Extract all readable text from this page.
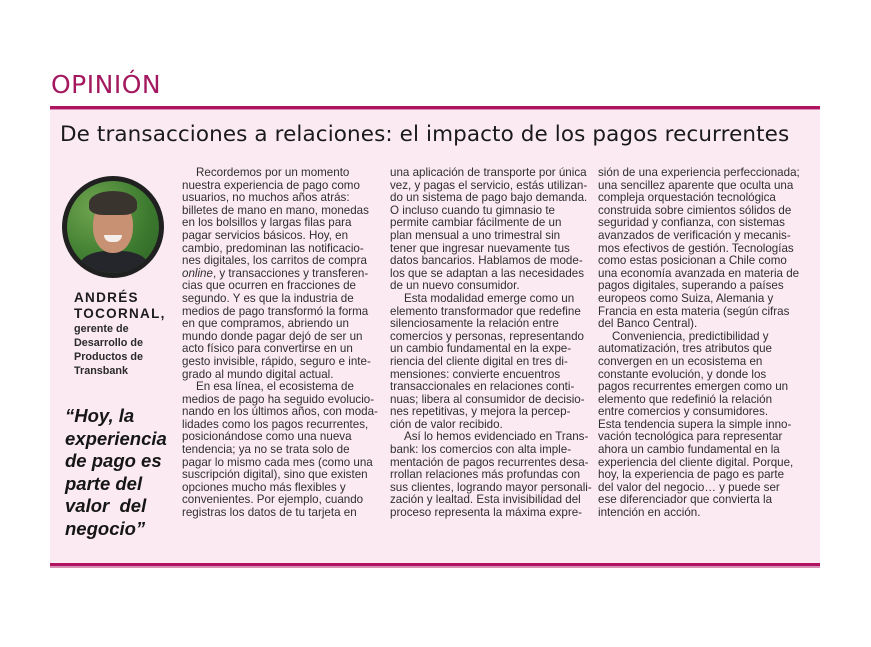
OPINIÓN
De transacciones a relaciones: el impacto de los pagos recurrentes
ANDRÉS
TOCORNAL,
gerente de
Desarrollo de
Productos de
Transbank
“Hoy, la
experiencia
de pago es
parte del
valor  del
negocio”
Recordemos por un momento
nuestra experiencia de pago como
usuarios, no muchos años atrás:
billetes de mano en mano, monedas
en los bolsillos y largas filas para
pagar servicios básicos. Hoy, en
cambio, predominan las notificacio-
nes digitales, los carritos de compra
online, y transacciones y transferen-
cias que ocurren en fracciones de
segundo. Y es que la industria de
medios de pago transformó la forma
en que compramos, abriendo un
mundo donde pagar dejó de ser un
acto físico para convertirse en un
gesto invisible, rápido, seguro e inte-
grado al mundo digital actual.
En esa línea, el ecosistema de
medios de pago ha seguido evolucio-
nando en los últimos años, con moda-
lidades como los pagos recurrentes,
posicionándose como una nueva
tendencia; ya no se trata solo de
pagar lo mismo cada mes (como una
suscripción digital), sino que existen
opciones mucho más flexibles y
convenientes. Por ejemplo, cuando
registras los datos de tu tarjeta en
una aplicación de transporte por única
vez, y pagas el servicio, estás utilizan-
do un sistema de pago bajo demanda.
O incluso cuando tu gimnasio te
permite cambiar fácilmente de un
plan mensual a uno trimestral sin
tener que ingresar nuevamente tus
datos bancarios. Hablamos de mode-
los que se adaptan a las necesidades
de un nuevo consumidor.
Esta modalidad emerge como un
elemento transformador que redefine
silenciosamente la relación entre
comercios y personas, representando
un cambio fundamental en la expe-
riencia del cliente digital en tres di-
mensiones: convierte encuentros
transaccionales en relaciones conti-
nuas; libera al consumidor de decisio-
nes repetitivas, y mejora la percep-
ción de valor recibido.
Así lo hemos evidenciado en Trans-
bank: los comercios con alta imple-
mentación de pagos recurrentes desa-
rrollan relaciones más profundas con
sus clientes, logrando mayor personali-
zación y lealtad. Esta invisibilidad del
proceso representa la máxima expre-
sión de una experiencia perfeccionada;
una sencillez aparente que oculta una
compleja orquestación tecnológica
construida sobre cimientos sólidos de
seguridad y confianza, con sistemas
avanzados de verificación y mecanis-
mos efectivos de gestión. Tecnologías
como estas posicionan a Chile como
una economía avanzada en materia de
pagos digitales, superando a países
europeos como Suiza, Alemania y
Francia en esta materia (según cifras
del Banco Central).
Conveniencia, predictibilidad y
automatización, tres atributos que
convergen en un ecosistema en
constante evolución, y donde los
pagos recurrentes emergen como un
elemento que redefinió la relación
entre comercios y consumidores.
Esta tendencia supera la simple inno-
vación tecnológica para representar
ahora un cambio fundamental en la
experiencia del cliente digital. Porque,
hoy, la experiencia de pago es parte
del valor del negocio… y puede ser
ese diferenciador que convierta la
intención en acción.
